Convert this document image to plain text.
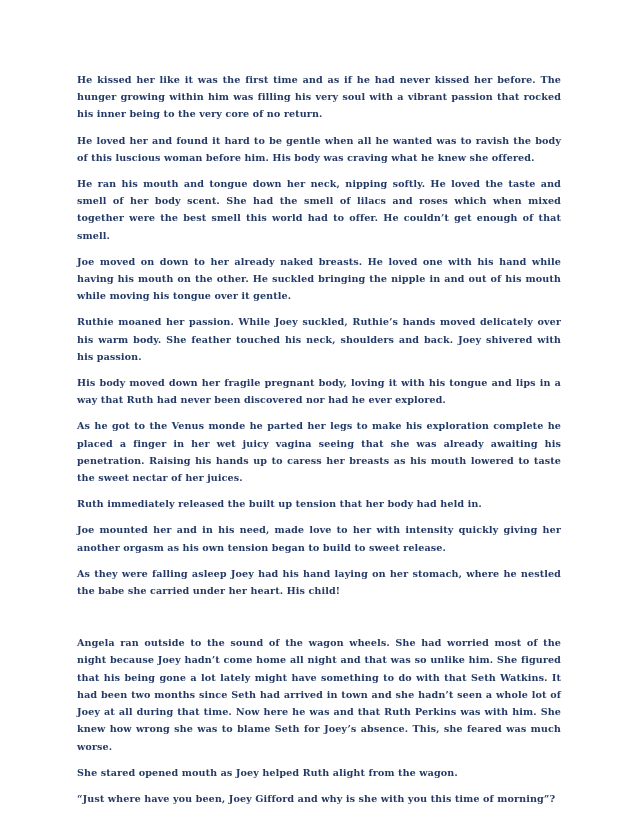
He kissed her like it was the first time and as if he had never kissed her before. The hunger growing within him was filling his very soul with a vibrant passion that rocked his inner being to the very core of no return.

He loved her and found it hard to be gentle when all he wanted was to ravish the body of this luscious woman before him. His body was craving what he knew she offered.

He ran his mouth and tongue down her neck, nipping softly. He loved the taste and smell of her body scent. She had the smell of lilacs and roses which when mixed together were the best smell this world had to offer. He couldn’t get enough of that smell.

Joe moved on down to her already naked breasts. He loved one with his hand while having his mouth on the other. He suckled bringing the nipple in and out of his mouth while moving his tongue over it gentle.

Ruthie moaned her passion. While Joey suckled, Ruthie’s hands moved delicately over his warm body. She feather touched his neck, shoulders and back. Joey shivered with his passion.

His body moved down her fragile pregnant body, loving it with his tongue and lips in a way that Ruth had never been discovered nor had he ever explored.

As he got to the Venus monde he parted her legs to make his exploration complete he placed a finger in her wet juicy vagina seeing that she was already awaiting his penetration. Raising his hands up to caress her breasts as his mouth lowered to taste the sweet nectar of her juices.

Ruth immediately released the built up tension that her body had held in.

Joe mounted her and in his need, made love to her with intensity quickly giving her another orgasm as his own tension began to build to sweet release.

As they were falling asleep Joey had his hand laying on her stomach, where he nestled the babe she carried under her heart. His child!

Angela ran outside to the sound of the wagon wheels. She had worried most of the night because Joey hadn’t come home all night and that was so unlike him. She figured that his being gone a lot lately might have something to do with that Seth Watkins. It had been two months since Seth had arrived in town and she hadn’t seen a whole lot of Joey at all during that time. Now here he was and that Ruth Perkins was with him. She knew how wrong she was to blame Seth for Joey’s absence. This, she feared was much worse.

She stared opened mouth as Joey helped Ruth alight from the wagon.

“Just where have you been, Joey Gifford and why is she with you this time of morning”?
